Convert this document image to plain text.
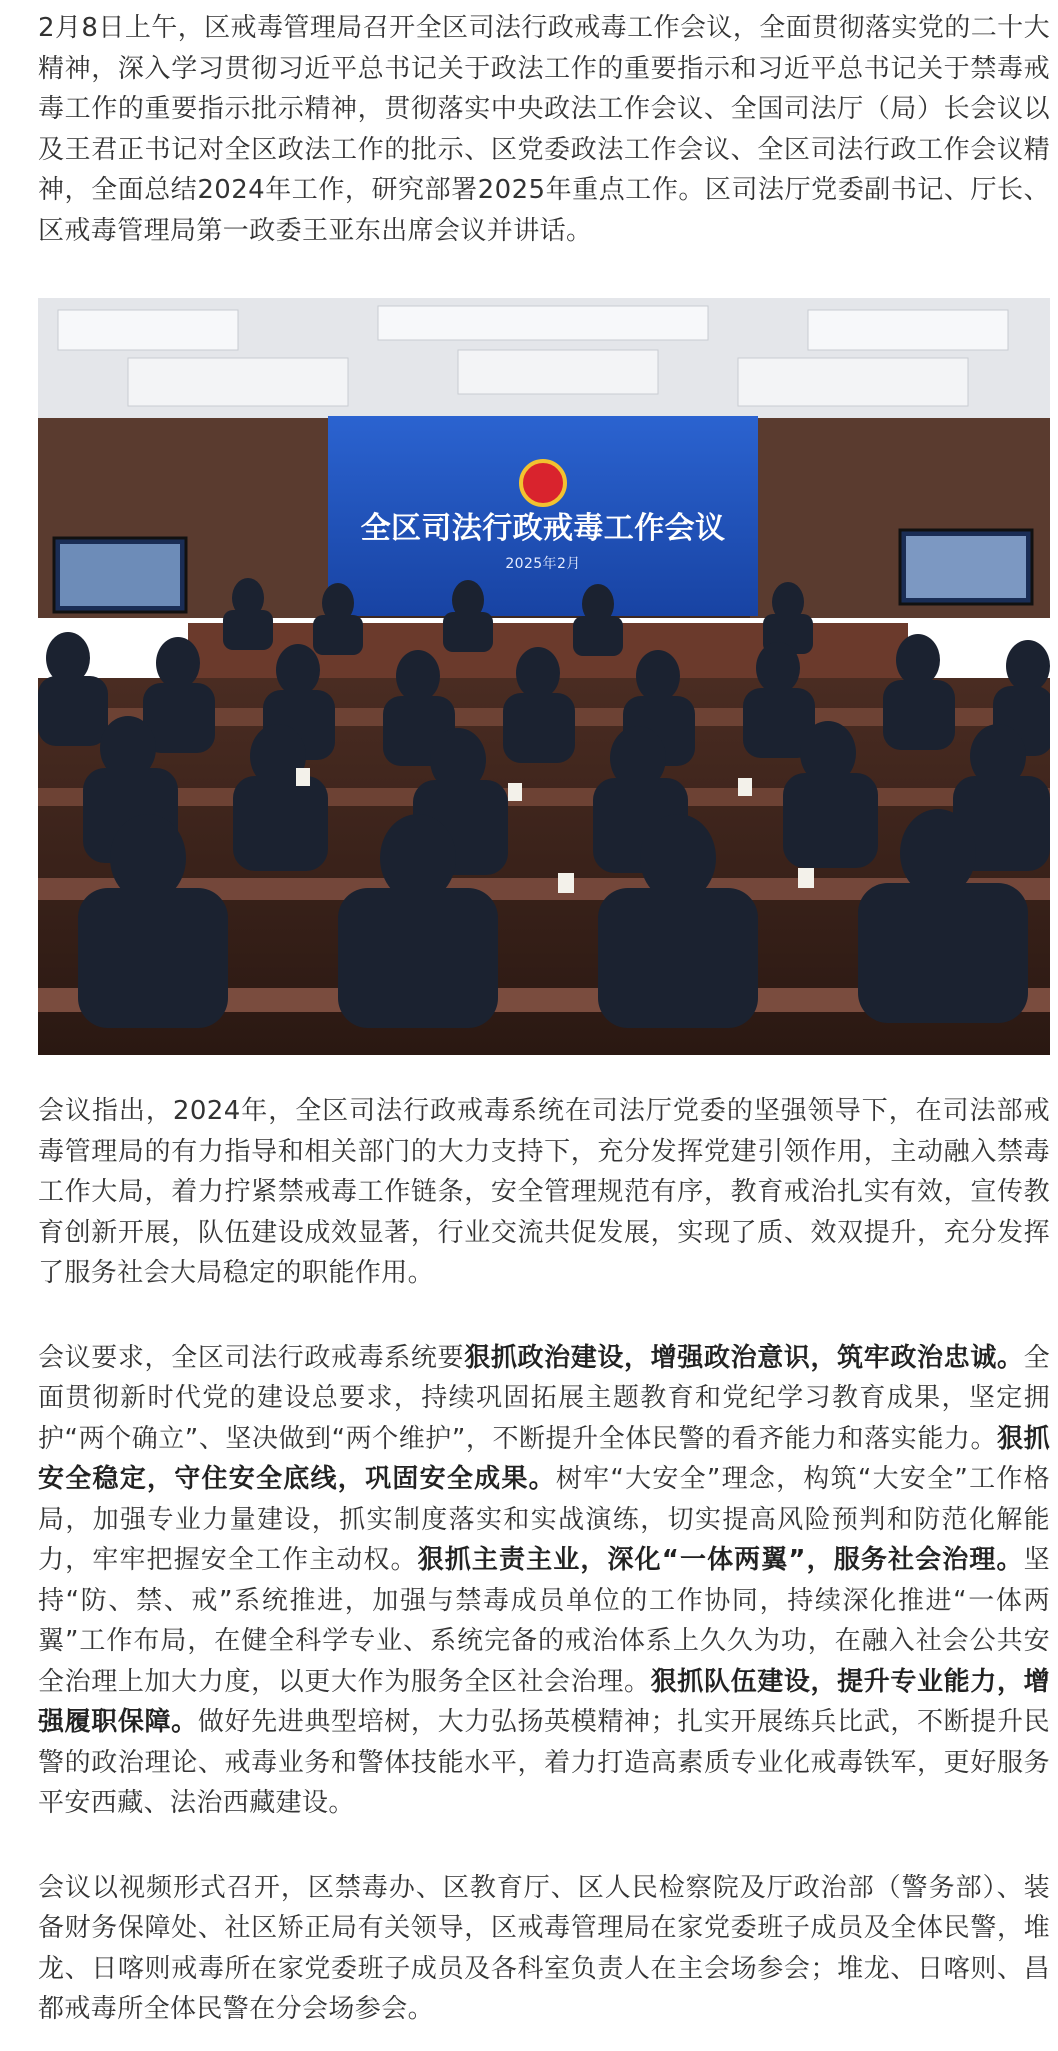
2月8日上午，区戒毒管理局召开全区司法行政戒毒工作会议，全面贯彻落实党的二十大精神，深入学习贯彻习近平总书记关于政法工作的重要指示和习近平总书记关于禁毒戒毒工作的重要指示批示精神，贯彻落实中央政法工作会议、全国司法厅（局）长会议以及王君正书记对全区政法工作的批示、区党委政法工作会议、全区司法行政工作会议精神，全面总结2024年工作，研究部署2025年重点工作。区司法厅党委副书记、厅长、区戒毒管理局第一政委王亚东出席会议并讲话。

全区司法行政戒毒工作会议
2025年2月

会议指出，2024年，全区司法行政戒毒系统在司法厅党委的坚强领导下，在司法部戒毒管理局的有力指导和相关部门的大力支持下，充分发挥党建引领作用，主动融入禁毒工作大局，着力拧紧禁戒毒工作链条，安全管理规范有序，教育戒治扎实有效，宣传教育创新开展，队伍建设成效显著，行业交流共促发展，实现了质、效双提升，充分发挥了服务社会大局稳定的职能作用。

会议要求，全区司法行政戒毒系统要狠抓政治建设，增强政治意识，筑牢政治忠诚。全面贯彻新时代党的建设总要求，持续巩固拓展主题教育和党纪学习教育成果，坚定拥护“两个确立”、坚决做到“两个维护”，不断提升全体民警的看齐能力和落实能力。狠抓安全稳定，守住安全底线，巩固安全成果。树牢“大安全”理念，构筑“大安全”工作格局，加强专业力量建设，抓实制度落实和实战演练，切实提高风险预判和防范化解能力，牢牢把握安全工作主动权。狠抓主责主业，深化“一体两翼”，服务社会治理。坚持“防、禁、戒”系统推进，加强与禁毒成员单位的工作协同，持续深化推进“一体两翼”工作布局，在健全科学专业、系统完备的戒治体系上久久为功，在融入社会公共安全治理上加大力度，以更大作为服务全区社会治理。狠抓队伍建设，提升专业能力，增强履职保障。做好先进典型培树，大力弘扬英模精神；扎实开展练兵比武，不断提升民警的政治理论、戒毒业务和警体技能水平，着力打造高素质专业化戒毒铁军，更好服务平安西藏、法治西藏建设。

会议以视频形式召开，区禁毒办、区教育厅、区人民检察院及厅政治部（警务部）、装备财务保障处、社区矫正局有关领导，区戒毒管理局在家党委班子成员及全体民警，堆龙、日喀则戒毒所在家党委班子成员及各科室负责人在主会场参会；堆龙、日喀则、昌都戒毒所全体民警在分会场参会。
